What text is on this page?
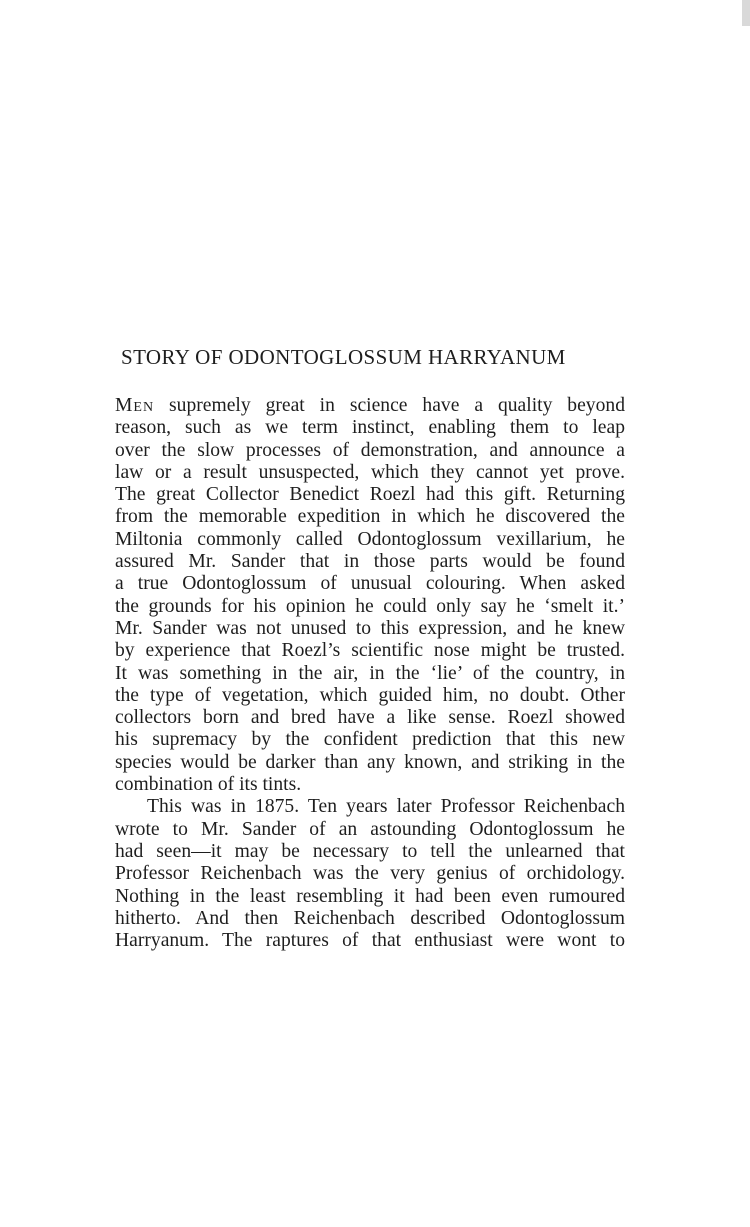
STORY OF ODONTOGLOSSUM HARRYANUM
Men supremely great in science have a quality beyond
reason, such as we term instinct, enabling them to leap
over the slow processes of demonstration, and announce a
law or a result unsuspected, which they cannot yet prove.
The great Collector Benedict Roezl had this gift. Returning
from the memorable expedition in which he discovered the
Miltonia commonly called Odontoglossum vexillarium, he
assured Mr. Sander that in those parts would be found
a true Odontoglossum of unusual colouring. When asked
the grounds for his opinion he could only say he ‘smelt it.’
Mr. Sander was not unused to this expression, and he knew
by experience that Roezl’s scientific nose might be trusted.
It was something in the air, in the ‘lie’ of the country, in
the type of vegetation, which guided him, no doubt. Other
collectors born and bred have a like sense. Roezl showed
his supremacy by the confident prediction that this new
species would be darker than any known, and striking in the
combination of its tints.
This was in 1875. Ten years later Professor Reichenbach
wrote to Mr. Sander of an astounding Odontoglossum he
had seen—it may be necessary to tell the unlearned that
Professor Reichenbach was the very genius of orchidology.
Nothing in the least resembling it had been even rumoured
hitherto. And then Reichenbach described Odontoglossum
Harryanum. The raptures of that enthusiast were wont to
